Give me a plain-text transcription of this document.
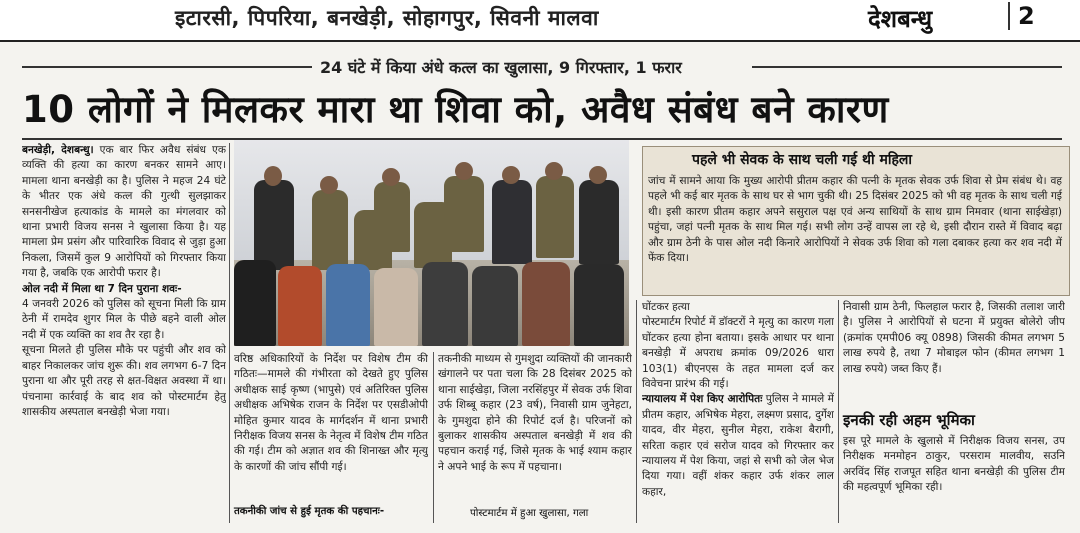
इटारसी, पिपरिया, बनखेड़ी, सोहागपुर, सिवनी मालवा	देशबन्धु	2
24 घंटे में किया अंधे कत्ल का खुलासा, 9 गिरफ्तार, 1 फरार
10 लोगों ने मिलकर मारा था शिवा को, अवैध संबंध बने कारण

बनखेड़ी, देशबन्धु। एक बार फिर अवैध संबंध एक व्यक्ति की हत्या का कारण बनकर सामने आए। मामला थाना बनखेड़ी का है। पुलिस ने महज 24 घंटे के भीतर एक अंधे कत्ल की गुत्थी सुलझाकर सनसनीखेज हत्याकांड के मामले का मंगलवार को थाना प्रभारी विजय सनस ने खुलासा किया है। यह मामला प्रेम प्रसंग और पारिवारिक विवाद से जुड़ा हुआ निकला, जिसमें कुल 9 आरोपियों को गिरफ्तार किया गया है, जबकि एक आरोपी फरार है।

ओल नदी में मिला था 7 दिन पुराना शवः-

4 जनवरी 2026 को पुलिस को सूचना मिली कि ग्राम ठेनी में रामदेव शुगर मिल के पीछे बहने वाली ओल नदी में एक व्यक्ति का शव तैर रहा है।

सूचना मिलते ही पुलिस मौके पर पहुंची और शव को बाहर निकालकर जांच शुरू की। शव लगभग 6-7 दिन पुराना था और पूरी तरह से क्षत-विक्षत अवस्था में था। पंचनामा कार्रवाई के बाद शव को पोस्टमार्टम हेतु शासकीय अस्पताल बनखेड़ी भेजा गया।

पहले भी सेवक के साथ चली गई थी महिला
जांच में सामने आया कि मुख्य आरोपी प्रीतम कहार की पत्नी के मृतक सेवक उर्फ शिवा से प्रेम संबंध थे। वह पहले भी कई बार मृतक के साथ घर से भाग चुकी थी। 25 दिसंबर 2025 को भी वह मृतक के साथ चली गई थी। इसी कारण प्रीतम कहार अपने ससुराल पक्ष एवं अन्य साथियों के साथ ग्राम निमवार (थाना साईखेड़ा) पहुंचा, जहां पत्नी मृतक के साथ मिल गई। सभी लोग उन्हें वापस ला रहे थे, इसी दौरान रास्ते में विवाद बढ़ा और ग्राम ठेनी के पास ओल नदी किनारे आरोपियों ने सेवक उर्फ शिवा को गला दबाकर हत्या कर शव नदी में फेंक दिया।

वरिष्ठ अधिकारियों के निर्देश पर विशेष टीम की गठितः—मामले की गंभीरता को देखते हुए पुलिस अधीक्षक साई कृष्ण (भापुसे) एवं अतिरिक्त पुलिस अधीक्षक अभिषेक राजन के निर्देश पर एसडीओपी मोहित कुमार यादव के मार्गदर्शन में थाना प्रभारी निरीक्षक विजय सनस के नेतृत्व में विशेष टीम गठित की गई। टीम को अज्ञात शव की शिनाख्त और मृत्यु के कारणों की जांच सौंपी गई।

तकनीकी जांच से हुई मृतक की पहचानः-

तकनीकी माध्यम से गुमशुदा व्यक्तियों की जानकारी खंगालने पर पता चला कि 28 दिसंबर 2025 को थाना साईखेड़ा, जिला नरसिंहपुर में सेवक उर्फ शिवा उर्फ शिब्बू कहार (23 वर्ष), निवासी ग्राम जुनेहटा, के गुमशुदा होने की रिपोर्ट दर्ज है। परिजनों को बुलाकर शासकीय अस्पताल बनखेड़ी में शव की पहचान कराई गई, जिसे मृतक के भाई श्याम कहार ने अपने भाई के रूप में पहचाना।

पोस्टमार्टम में हुआ खुलासा, गला

घोंटकर हत्या

पोस्टमार्टम रिपोर्ट में डॉक्टरों ने मृत्यु का कारण गला घोंटकर हत्या होना बताया। इसके आधार पर थाना बनखेड़ी में अपराध क्रमांक 09/2026 धारा 103(1) बीएनएस के तहत मामला दर्ज कर विवेचना प्रारंभ की गई।

न्यायालय में पेश किए आरोपितः पुलिस ने मामले में प्रीतम कहार, अभिषेक मेहरा, लक्ष्मण प्रसाद, दुर्गेश यादव, वीर मेहरा, सुनील मेहरा, राकेश बैरागी, सरिता कहार एवं सरोज यादव को गिरफ्तार कर न्यायालय में पेश किया, जहां से सभी को जेल भेज दिया गया। वहीं शंकर कहार उर्फ शंकर लाल कहार,

निवासी ग्राम ठेनी, फिलहाल फरार है, जिसकी तलाश जारी है। पुलिस ने आरोपियों से घटना में प्रयुक्त बोलेरो जीप (क्रमांक एमपी06 क्यू 0898) जिसकी कीमत लगभग 5 लाख रुपये है, तथा 7 मोबाइल फोन (कीमत लगभग 1 लाख रुपये) जब्त किए हैं।

इनकी रही अहम भूमिका

इस पूरे मामले के खुलासे में निरीक्षक विजय सनस, उप निरीक्षक मनमोहन ठाकुर, परसराम मालवीय, सउनि अरविंद सिंह राजपूत सहित थाना बनखेड़ी की पुलिस टीम की महत्वपूर्ण भूमिका रही।
